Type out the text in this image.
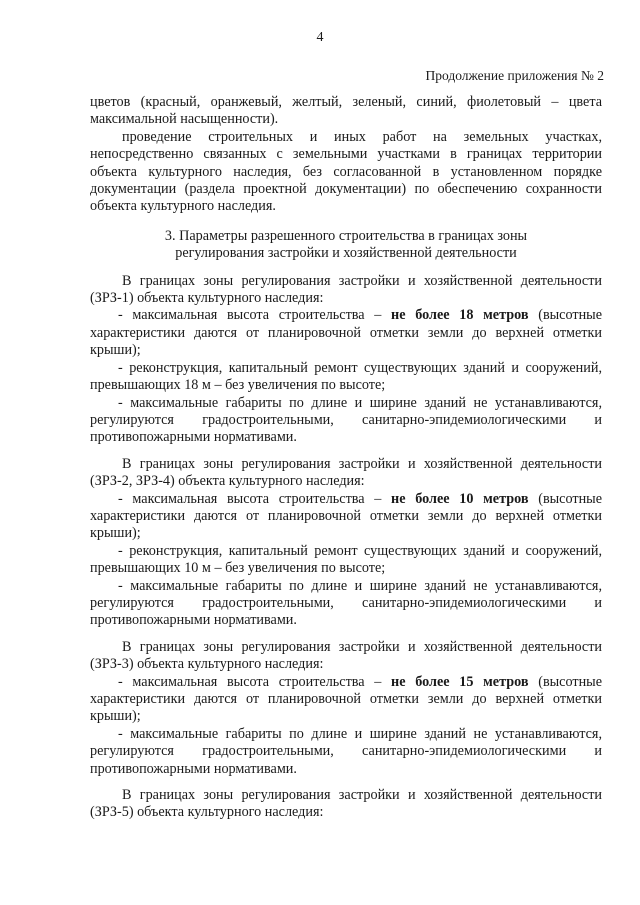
4
Продолжение приложения № 2

цветов (красный, оранжевый, желтый, зеленый, синий, фиолетовый – цвета максимальной насыщенности).

проведение строительных и иных работ на земельных участках, непосредственно связанных с земельными участками в границах территории объекта культурного наследия, без согласованной в установленном порядке документации (раздела проектной документации) по обеспечению сохранности объекта культурного наследия.

3. Параметры разрешенного строительства в границах зоны
регулирования застройки и хозяйственной деятельности

В границах зоны регулирования застройки и хозяйственной деятельности (ЗРЗ-1) объекта культурного наследия:

- максимальная высота строительства – не более 18 метров (высотные характеристики даются от планировочной отметки земли до верхней отметки крыши);

- реконструкция, капитальный ремонт существующих зданий и сооружений, превышающих 18 м – без увеличения по высоте;

- максимальные габариты по длине и ширине зданий не устанавливаются, регулируются градостроительными, санитарно-эпидемиологическими и противопожарными нормативами.

В границах зоны регулирования застройки и хозяйственной деятельности (ЗРЗ-2, ЗРЗ-4) объекта культурного наследия:

- максимальная высота строительства – не более 10 метров (высотные характеристики даются от планировочной отметки земли до верхней отметки крыши);

- реконструкция, капитальный ремонт существующих зданий и сооружений, превышающих 10 м – без увеличения по высоте;

- максимальные габариты по длине и ширине зданий не устанавливаются, регулируются градостроительными, санитарно-эпидемиологическими и противопожарными нормативами.

В границах зоны регулирования застройки и хозяйственной деятельности (ЗРЗ-3) объекта культурного наследия:

- максимальная высота строительства – не более 15 метров (высотные характеристики даются от планировочной отметки земли до верхней отметки крыши);

- максимальные габариты по длине и ширине зданий не устанавливаются, регулируются градостроительными, санитарно-эпидемиологическими и противопожарными нормативами.

В границах зоны регулирования застройки и хозяйственной деятельности (ЗРЗ-5) объекта культурного наследия:
